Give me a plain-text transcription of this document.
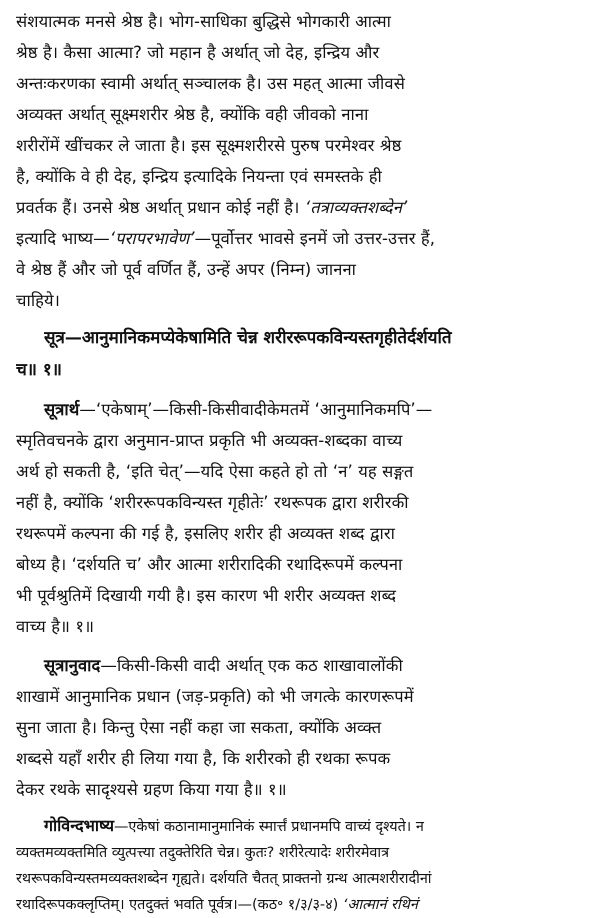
संशयात्मक मनसे श्रेष्ठ है। भोग-साधिका बुद्धिसे भोगकारी आत्मा
श्रेष्ठ है। कैसा आत्मा? जो महान है अर्थात् जो देह, इन्द्रिय और
अन्तःकरणका स्वामी अर्थात् सञ्चालक है। उस महत् आत्मा जीवसे
अव्यक्त अर्थात् सूक्ष्मशरीर श्रेष्ठ है, क्योंकि वही जीवको नाना
शरीरोंमें खींचकर ले जाता है। इस सूक्ष्मशरीरसे पुरुष परमेश्वर श्रेष्ठ
है, क्योंकि वे ही देह, इन्द्रिय इत्यादिके नियन्ता एवं समस्तके ही
प्रवर्तक हैं। उनसे श्रेष्ठ अर्थात् प्रधान कोई नहीं है। ‘तत्राव्यक्तशब्देन’
इत्यादि भाष्य—‘परापरभावेण’—पूर्वोत्तर भावसे इनमें जो उत्तर-उत्तर हैं,
वे श्रेष्ठ हैं और जो पूर्व वर्णित हैं, उन्हें अपर (निम्न) जानना
चाहिये।
सूत्र—आनुमानिकमप्येकेषामिति चेन्न शरीररूपकविन्यस्तगृहीतेर्दर्शयति
च॥ १॥
सूत्रार्थ—‘एकेषाम्’—किसी-किसीवादीकेमतमें ‘आनुमानिकमपि’—
स्मृतिवचनके द्वारा अनुमान-प्राप्त प्रकृति भी अव्यक्त-शब्दका वाच्य
अर्थ हो सकती है, ‘इति चेत्’—यदि ऐसा कहते हो तो ‘न’ यह सङ्गत
नहीं है, क्योंकि ‘शरीररूपकविन्यस्त गृहीतेः’ रथरूपक द्वारा शरीरकी
रथरूपमें कल्पना की गई है, इसलिए शरीर ही अव्यक्त शब्द द्वारा
बोध्य है। ‘दर्शयति च’ और आत्मा शरीरादिकी रथादिरूपमें कल्पना
भी पूर्वश्रुतिमें दिखायी गयी है। इस कारण भी शरीर अव्यक्त शब्द
वाच्य है॥ १॥
सूत्रानुवाद—किसी-किसी वादी अर्थात् एक कठ शाखावालोंकी
शाखामें आनुमानिक प्रधान (जड़-प्रकृति) को भी जगत्के कारणरूपमें
सुना जाता है। किन्तु ऐसा नहीं कहा जा सकता, क्योंकि अव्क्त
शब्दसे यहाँ शरीर ही लिया गया है, कि शरीरको ही रथका रूपक
देकर रथके सादृश्यसे ग्रहण किया गया है॥ १॥
गोविन्दभाष्य—एकेषां कठानामानुमानिकं स्मार्त्तं प्रधानमपि वाच्यं दृश्यते। न
व्यक्तमव्यक्तमिति व्युत्पत्त्या तदुक्तेरिति चेन्न। कुतः? शरीरेत्यादेः शरीरमेवात्र
रथरूपकविन्यस्तमव्यक्तशब्देन गृह्यते। दर्शयति चैतत् प्राक्तनो ग्रन्थ आत्मशरीरादीनां
रथादिरूपकक्लृप्तिम्। एतदुक्तं भवति पूर्वत्र।—(कठ॰ १/३/३-४) ‘आत्मानं रथिनं
